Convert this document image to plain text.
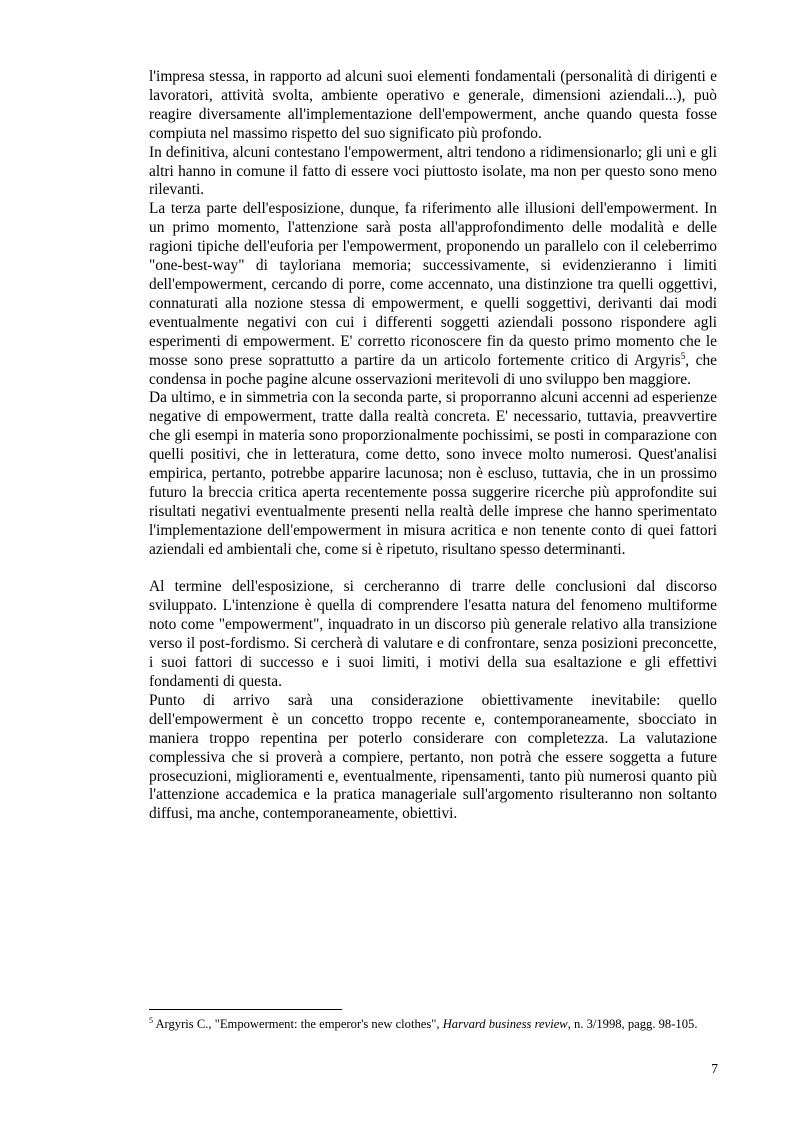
l'impresa stessa, in rapporto ad alcuni suoi elementi fondamentali (personalità di dirigenti e lavoratori, attività svolta, ambiente operativo e generale, dimensioni aziendali...), può reagire diversamente all'implementazione dell'empowerment, anche quando questa fosse compiuta nel massimo rispetto del suo significato più profondo.

In definitiva, alcuni contestano l'empowerment, altri tendono a ridimensionarlo; gli uni e gli altri hanno in comune il fatto di essere voci piuttosto isolate, ma non per questo sono meno rilevanti.

La terza parte dell'esposizione, dunque, fa riferimento alle illusioni dell'empowerment. In un primo momento, l'attenzione sarà posta all'approfondimento delle modalità e delle ragioni tipiche dell'euforia per l'empowerment, proponendo un parallelo con il celeberrimo "one-best-way" di tayloriana memoria; successivamente, si evidenzieranno i limiti dell'empowerment, cercando di porre, come accennato, una distinzione tra quelli oggettivi, connaturati alla nozione stessa di empowerment, e quelli soggettivi, derivanti dai modi eventualmente negativi con cui i differenti soggetti aziendali possono rispondere agli esperimenti di empowerment. E' corretto riconoscere fin da questo primo momento che le mosse sono prese soprattutto a partire da un articolo fortemente critico di Argyris$^5$, che condensa in poche pagine alcune osservazioni meritevoli di uno sviluppo ben maggiore.

Da ultimo, e in simmetria con la seconda parte, si proporranno alcuni accenni ad esperienze negative di empowerment, tratte dalla realtà concreta. E' necessario, tuttavia, preavvertire che gli esempi in materia sono proporzionalmente pochissimi, se posti in comparazione con quelli positivi, che in letteratura, come detto, sono invece molto numerosi. Quest'analisi empirica, pertanto, potrebbe apparire lacunosa; non è escluso, tuttavia, che in un prossimo futuro la breccia critica aperta recentemente possa suggerire ricerche più approfondite sui risultati negativi eventualmente presenti nella realtà delle imprese che hanno sperimentato l'implementazione dell'empowerment in misura acritica e non tenente conto di quei fattori aziendali ed ambientali che, come si è ripetuto, risultano spesso determinanti.

Al termine dell'esposizione, si cercheranno di trarre delle conclusioni dal discorso sviluppato. L'intenzione è quella di comprendere l'esatta natura del fenomeno multiforme noto come "empowerment", inquadrato in un discorso più generale relativo alla transizione verso il post-fordismo. Si cercherà di valutare e di confrontare, senza posizioni preconcette, i suoi fattori di successo e i suoi limiti, i motivi della sua esaltazione e gli effettivi fondamenti di questa.

Punto di arrivo sarà una considerazione obiettivamente inevitabile: quello dell'empowerment è un concetto troppo recente e, contemporaneamente, sbocciato in maniera troppo repentina per poterlo considerare con completezza. La valutazione complessiva che si proverà a compiere, pertanto, non potrà che essere soggetta a future prosecuzioni, miglioramenti e, eventualmente, ripensamenti, tanto più numerosi quanto più l'attenzione accademica e la pratica manageriale sull'argomento risulteranno non soltanto diffusi, ma anche, contemporaneamente, obiettivi.

$^5$ Argyris C., "Empowerment: the emperor's new clothes", Harvard business review, n. 3/1998, pagg. 98-105.
7
